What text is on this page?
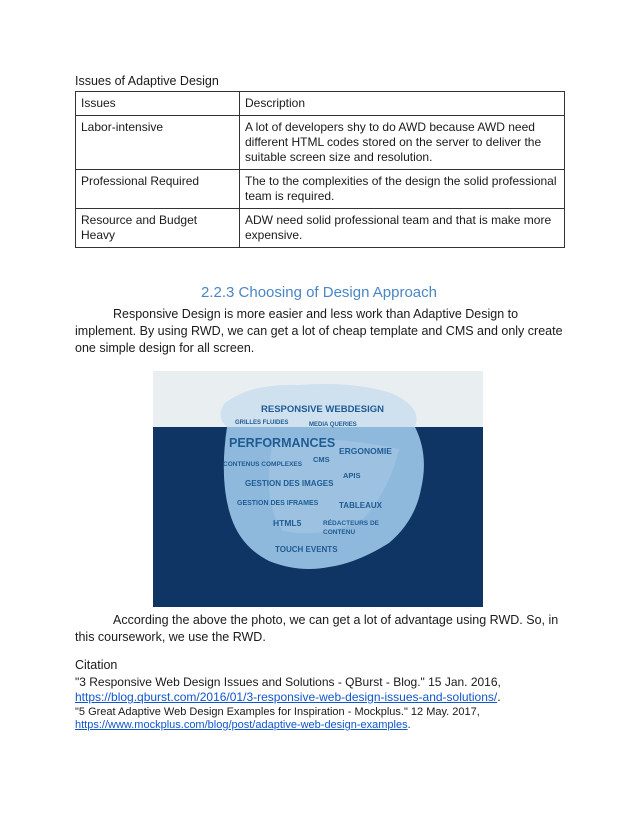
Issues of Adaptive Design
Issues	Description
Labor-intensive	A lot of developers shy to do AWD because AWD need different HTML codes stored on the server to deliver the suitable screen size and resolution.
Professional Required	The to the complexities of the design the solid professional team is required.
Resource and Budget Heavy	ADW need solid professional team and that is make more expensive.
2.2.3 Choosing of Design Approach
Responsive Design is more easier and less work than Adaptive Design to implement. By using RWD, we can get a lot of cheap template and CMS and only create one simple design for all screen.
RESPONSIVE WEBDESIGN
GRILLES FLUIDES	MEDIA QUERIES
PERFORMANCES
ERGONOMIE
CMS
CONTENUS COMPLEXES
APIS
GESTION DES IMAGES
GESTION DES IFRAMES	TABLEAUX
HTML5	RÉDACTEURS DE
CONTENU
TOUCH EVENTS
According the above the photo, we can get a lot of advantage using RWD. So, in this coursework, we use the RWD.
Citation
"3 Responsive Web Design Issues and Solutions - QBurst - Blog." 15 Jan. 2016,
https://blog.qburst.com/2016/01/3-responsive-web-design-issues-and-solutions/.
"5 Great Adaptive Web Design Examples for Inspiration - Mockplus." 12 May. 2017,
https://www.mockplus.com/blog/post/adaptive-web-design-examples.
